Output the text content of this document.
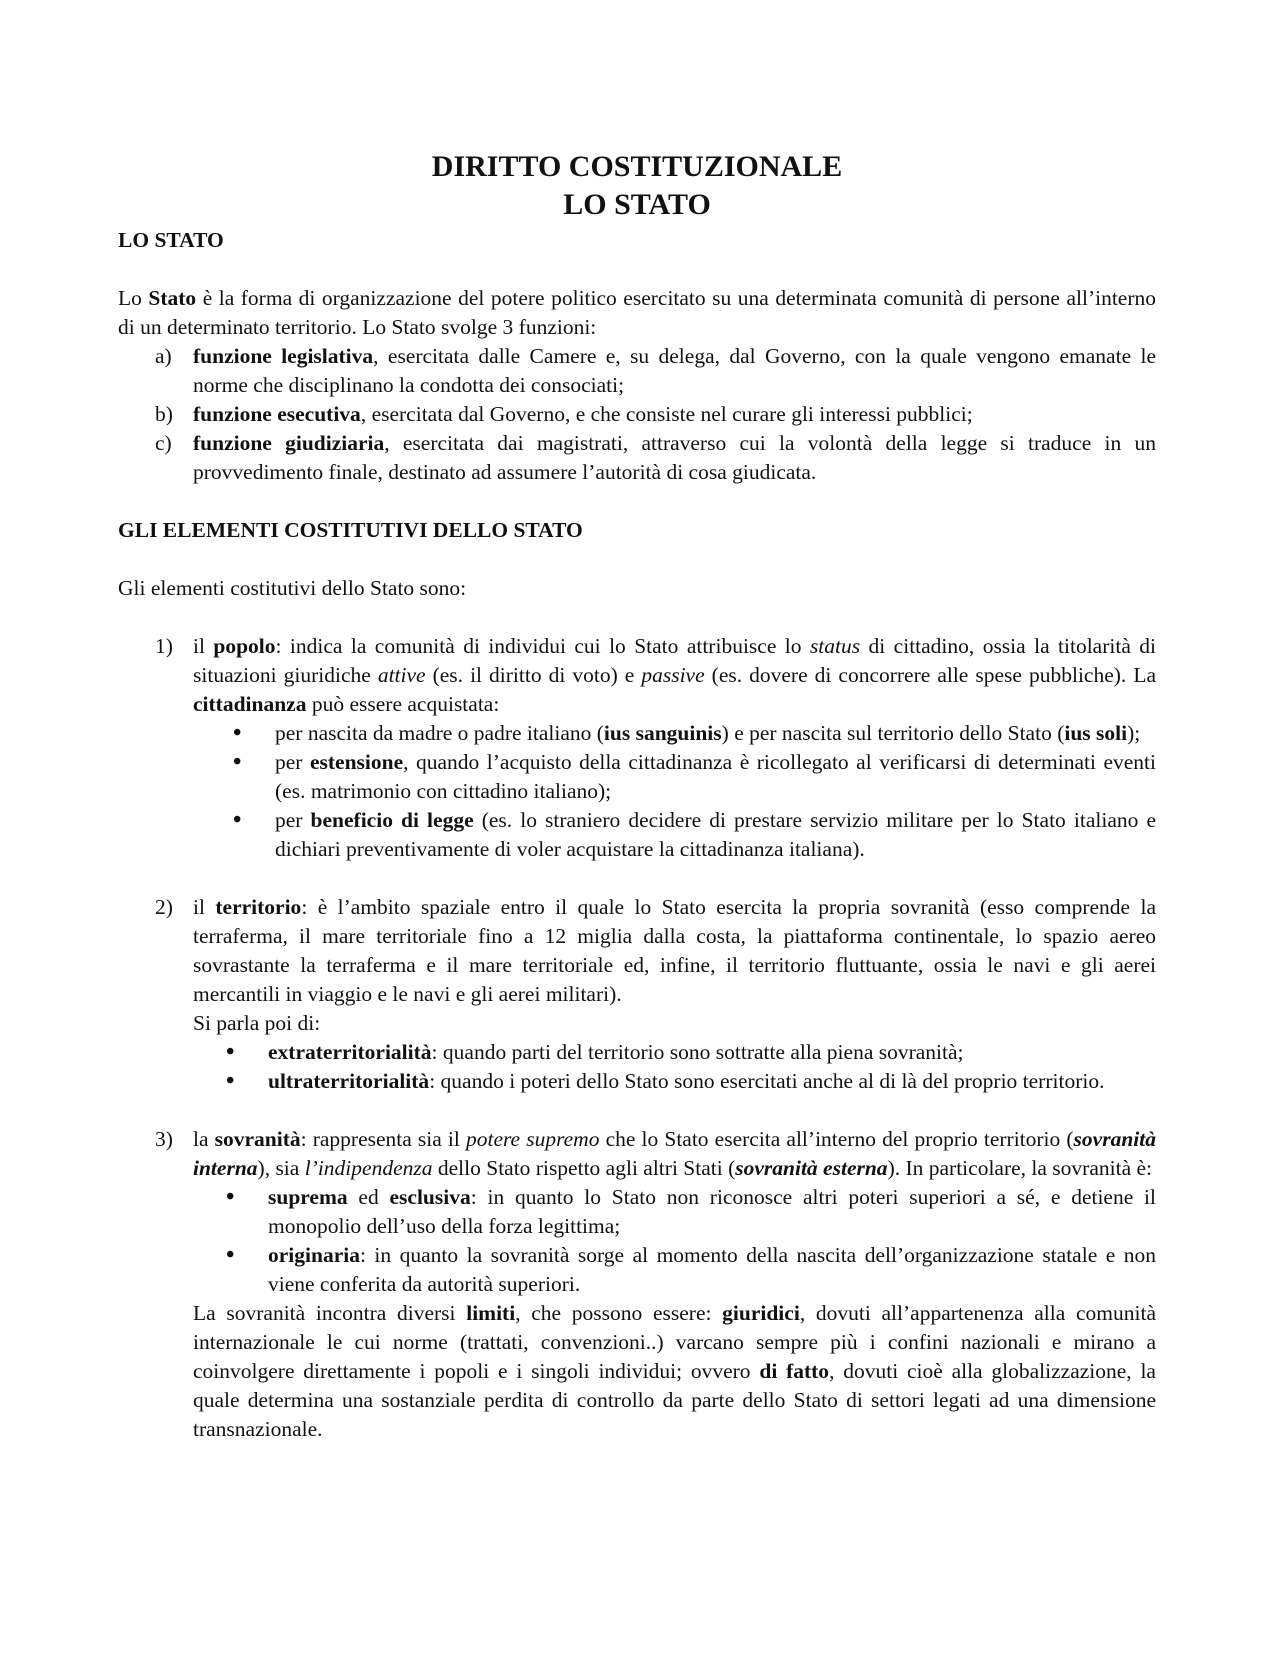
DIRITTO COSTITUZIONALE
LO STATO

LO STATO

Lo Stato è la forma di organizzazione del potere politico esercitato su una determinata comunità di persone all’interno di un determinato territorio. Lo Stato svolge 3 funzioni:

a) funzione legislativa, esercitata dalle Camere e, su delega, dal Governo, con la quale vengono emanate le norme che disciplinano la condotta dei consociati;
b) funzione esecutiva, esercitata dal Governo, e che consiste nel curare gli interessi pubblici;
c) funzione giudiziaria, esercitata dai magistrati, attraverso cui la volontà della legge si traduce in un provvedimento finale, destinato ad assumere l’autorità di cosa giudicata.

GLI ELEMENTI COSTITUTIVI DELLO STATO

Gli elementi costitutivi dello Stato sono:

1) il popolo: indica la comunità di individui cui lo Stato attribuisce lo status di cittadino, ossia la titolarità di situazioni giuridiche attive (es. il diritto di voto) e passive (es. dovere di concorrere alle spese pubbliche). La cittadinanza può essere acquistata:
• per nascita da madre o padre italiano (ius sanguinis) e per nascita sul territorio dello Stato (ius soli);
• per estensione, quando l’acquisto della cittadinanza è ricollegato al verificarsi di determinati eventi (es. matrimonio con cittadino italiano);
• per beneficio di legge (es. lo straniero decidere di prestare servizio militare per lo Stato italiano e dichiari preventivamente di voler acquistare la cittadinanza italiana).
2) il territorio: è l’ambito spaziale entro il quale lo Stato esercita la propria sovranità (esso comprende la terraferma, il mare territoriale fino a 12 miglia dalla costa, la piattaforma continentale, lo spazio aereo sovrastante la terraferma e il mare territoriale ed, infine, il territorio fluttuante, ossia le navi e gli aerei mercantili in viaggio e le navi e gli aerei militari).
Si parla poi di:
• extraterritorialità: quando parti del territorio sono sottratte alla piena sovranità;
• ultraterritorialità: quando i poteri dello Stato sono esercitati anche al di là del proprio territorio.
3) la sovranità: rappresenta sia il potere supremo che lo Stato esercita all’interno del proprio territorio (sovranità interna), sia l’indipendenza dello Stato rispetto agli altri Stati (sovranità esterna). In particolare, la sovranità è:
• suprema ed esclusiva: in quanto lo Stato non riconosce altri poteri superiori a sé, e detiene il monopolio dell’uso della forza legittima;
• originaria: in quanto la sovranità sorge al momento della nascita dell’organizzazione statale e non viene conferita da autorità superiori.

La sovranità incontra diversi limiti, che possono essere: giuridici, dovuti all’appartenenza alla comunità internazionale le cui norme (trattati, convenzioni..) varcano sempre più i confini nazionali e mirano a coinvolgere direttamente i popoli e i singoli individui; ovvero di fatto, dovuti cioè alla globalizzazione, la quale determina una sostanziale perdita di controllo da parte dello Stato di settori legati ad una dimensione transnazionale.
